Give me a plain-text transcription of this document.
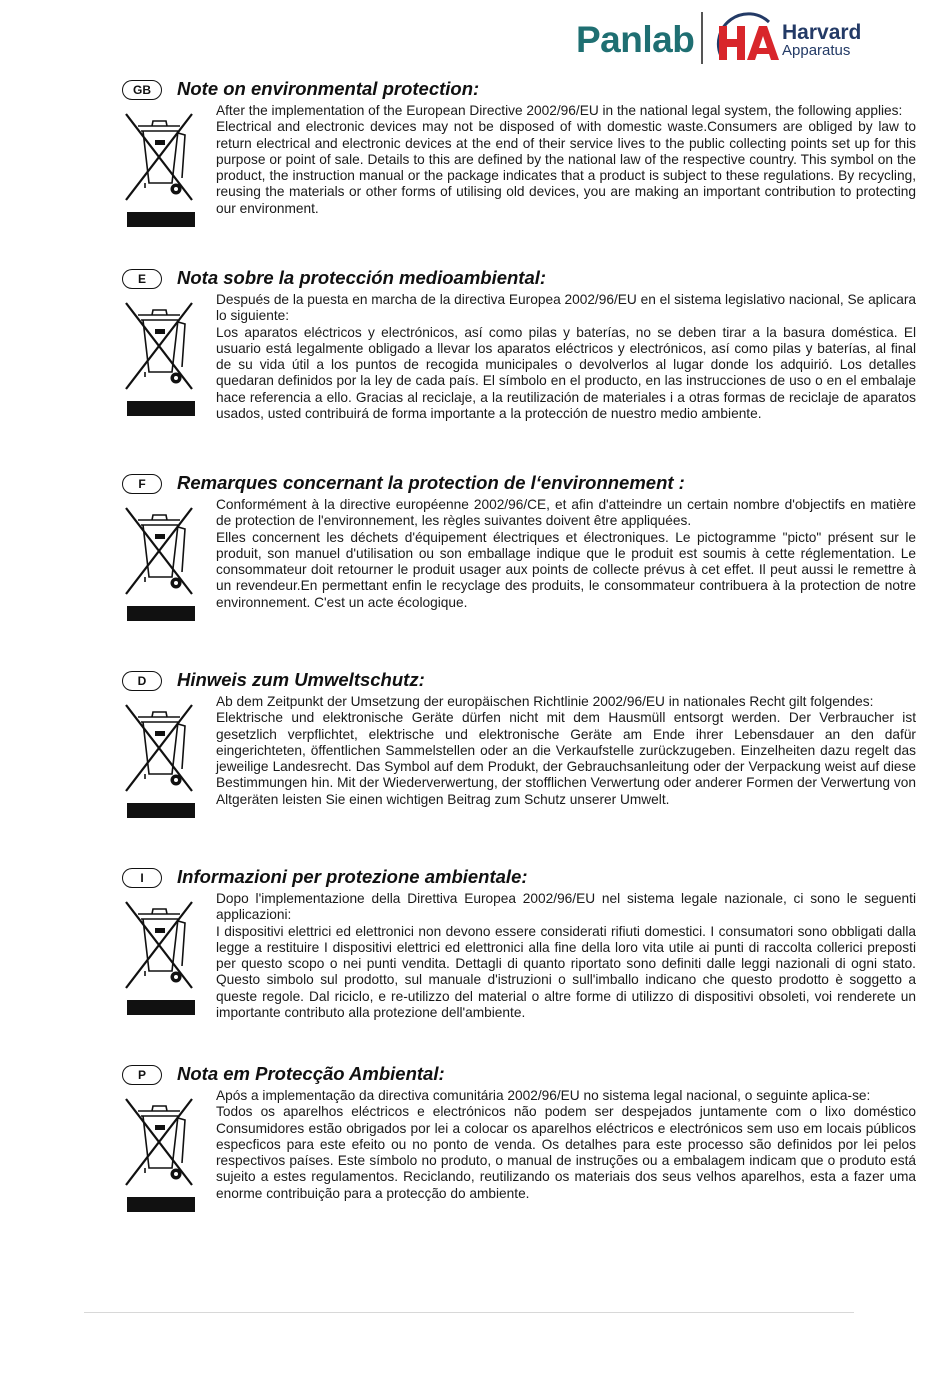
Panlab	Harvard
Apparatus
GB	Note on environmental protection:

After the implementation of the European Directive 2002/96/EU in the national legal system, the following applies:

Electrical and electronic devices may not be disposed of with domestic waste.Consumers are obliged by law to return electrical and electronic devices at the end of their service lives to the public collecting points set up for this purpose or point of sale. Details to this are defined by the national law of the respective country. This symbol on the product, the instruction manual or the package indicates that a product is subject to these regulations. By recycling, reusing the materials or other forms of utilising old devices, you are making an important contribution to protecting our environment.

E	Nota sobre la protección medioambiental:

Después de la puesta en marcha de la directiva Europea 2002/96/EU en el sistema legislativo nacional, Se aplicara lo siguiente:

Los aparatos eléctricos y electrónicos, así como pilas y baterías, no se deben tirar a la basura doméstica. El usuario está legalmente obligado a llevar los aparatos eléctricos y electrónicos, así como pilas y baterías, al final de su vida útil a los puntos de recogida municipales o devolverlos al lugar donde los adquirió. Los detalles quedaran definidos por la ley de cada país. El símbolo en el producto, en las instrucciones de uso o en el embalaje hace referencia a ello. Gracias al reciclaje, a la reutilización de materiales i a otras formas de reciclaje de aparatos usados, usted contribuirá de forma importante a la protección de nuestro medio ambiente.

F	Remarques concernant la protection de l‘environnement :

Conformément à la directive européenne 2002/96/CE, et afin d'atteindre un certain nombre d'objectifs en matière de protection de l'environnement, les règles suivantes doivent être appliquées.

Elles concernent les déchets d'équipement électriques et électroniques. Le pictogramme "picto" présent sur le produit, son manuel d'utilisation ou son emballage indique que le produit est soumis à cette réglementation. Le consommateur doit retourner le produit usager aux points de collecte prévus à cet effet. Il peut aussi le remettre à un revendeur.En permettant enfin le recyclage des produits, le consommateur contribuera à la protection de notre environnement. C'est un acte écologique.

D	Hinweis zum Umweltschutz:

Ab dem Zeitpunkt der Umsetzung der europäischen Richtlinie 2002/96/EU in nationales Recht gilt folgendes:

Elektrische und elektronische Geräte dürfen nicht mit dem Hausmüll entsorgt werden. Der Verbraucher ist gesetzlich verpflichtet, elektrische und elektronische Geräte am Ende ihrer Lebensdauer an den dafür eingerichteten, öffentlichen Sammelstellen oder an die Verkaufstelle zurückzugeben. Einzelheiten dazu regelt das jeweilige Landesrecht. Das Symbol auf dem Produkt, der Gebrauchsanleitung oder der Verpackung weist auf diese Bestimmungen hin. Mit der Wiederverwertung, der stofflichen Verwertung oder anderer Formen der Verwertung von Altgeräten leisten Sie einen wichtigen Beitrag zum Schutz unserer Umwelt.

I	Informazioni per protezione ambientale:

Dopo l'implementazione della Direttiva Europea 2002/96/EU nel sistema legale nazionale, ci sono le seguenti applicazioni:

I dispositivi elettrici ed elettronici non devono essere considerati rifiuti domestici. I consumatori sono obbligati dalla legge a restituire I dispositivi elettrici ed elettronici alla fine della loro vita utile ai punti di raccolta collerici preposti per questo scopo o nei punti vendita. Dettagli di quanto riportato sono definiti dalle leggi nazionali di ogni stato. Questo simbolo sul prodotto, sul manuale d'istruzioni o sull'imballo indicano che questo prodotto è soggetto a queste regole. Dal riciclo, e re-utilizzo del material o altre forme di utilizzo di dispositivi obsoleti, voi renderete un importante contributo alla protezione dell'ambiente.

P	Nota em Protecção Ambiental:

Após a implementação da directiva comunitária 2002/96/EU no sistema legal nacional, o seguinte aplica-se:

Todos os aparelhos eléctricos e electrónicos não podem ser despejados juntamente com o lixo doméstico Consumidores estão obrigados por lei a colocar os aparelhos eléctricos e electrónicos sem uso em locais públicos especficos para este efeito ou no ponto de venda. Os detalhes para este processo são definidos por lei pelos respectivos países. Este símbolo no produto, o manual de instruções ou a embalagem indicam que o produto está sujeito a estes regulamentos. Reciclando, reutilizando os materiais dos seus velhos aparelhos, esta a fazer uma enorme contribuição para a protecção do ambiente.
